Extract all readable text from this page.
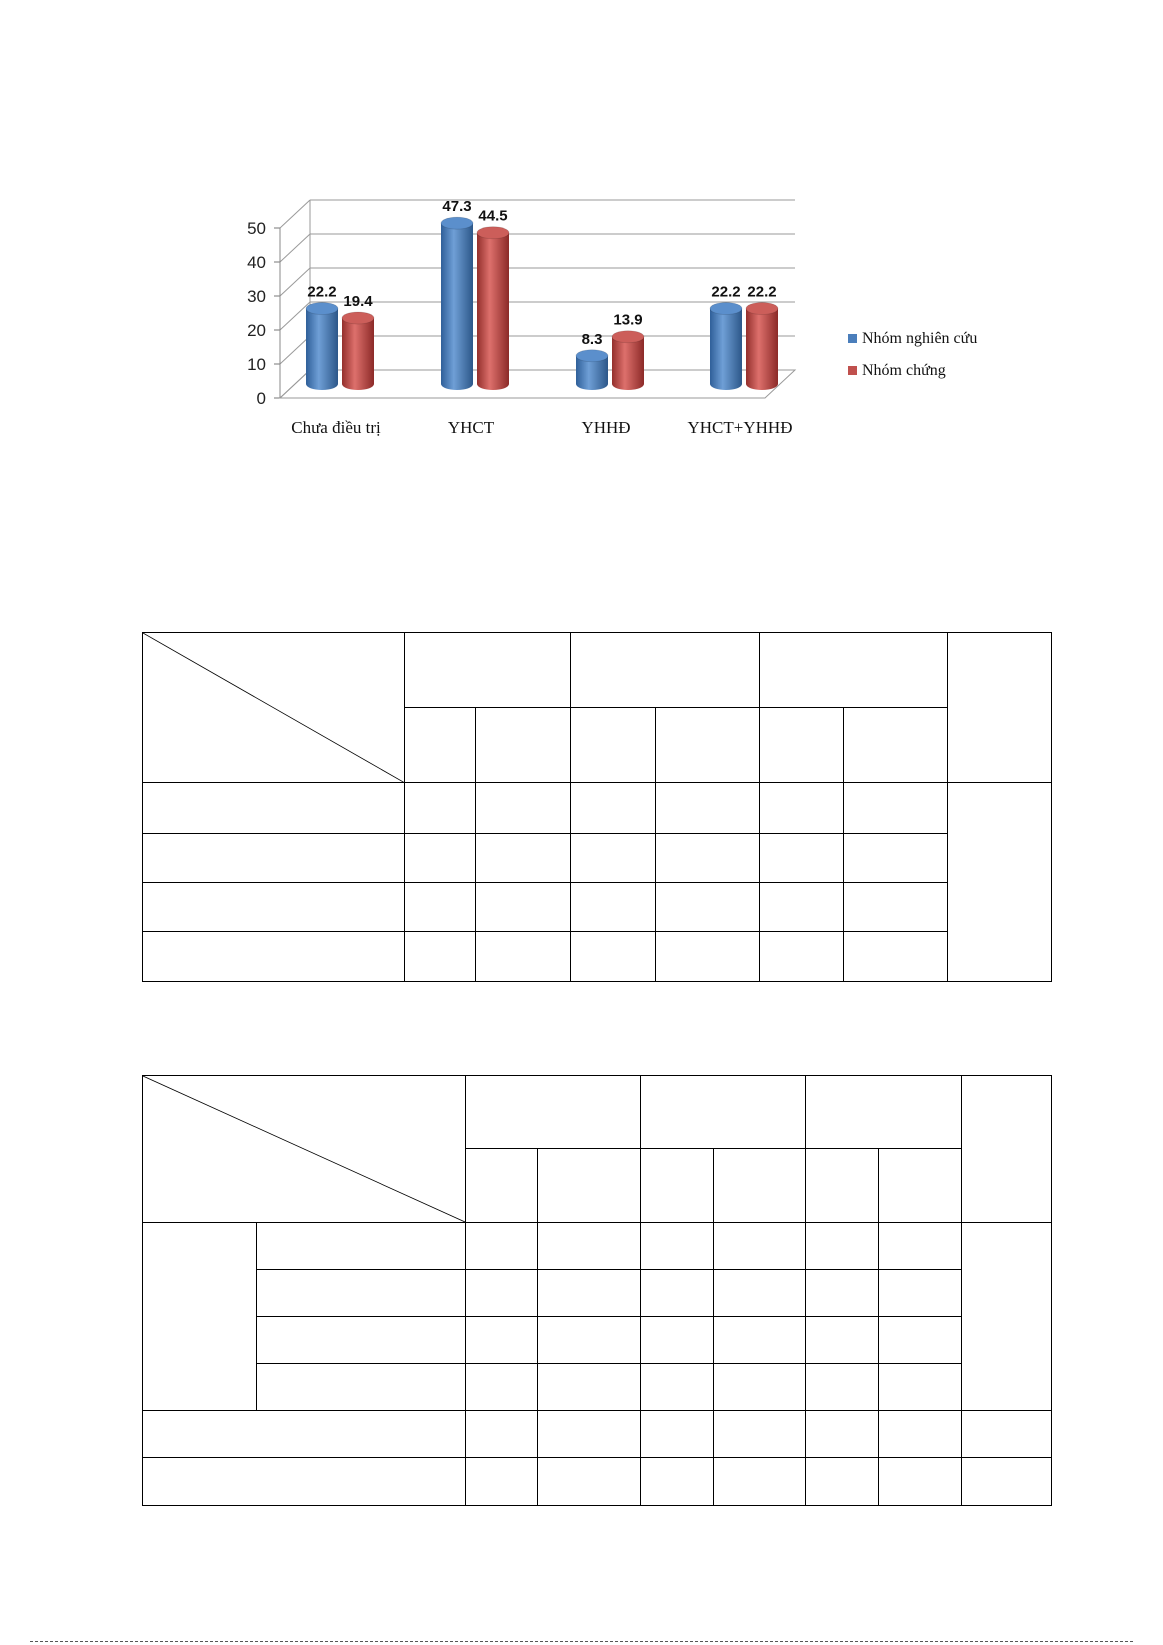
0
10
20
30
40
50
22.2
47.3
8.3
22.2
19.4
44.5
13.9
22.2
Chưa điều trị	YHCT	YHHĐ	YHCT+YHHĐ
Nhóm nghiên cứu
Nhóm chứng
